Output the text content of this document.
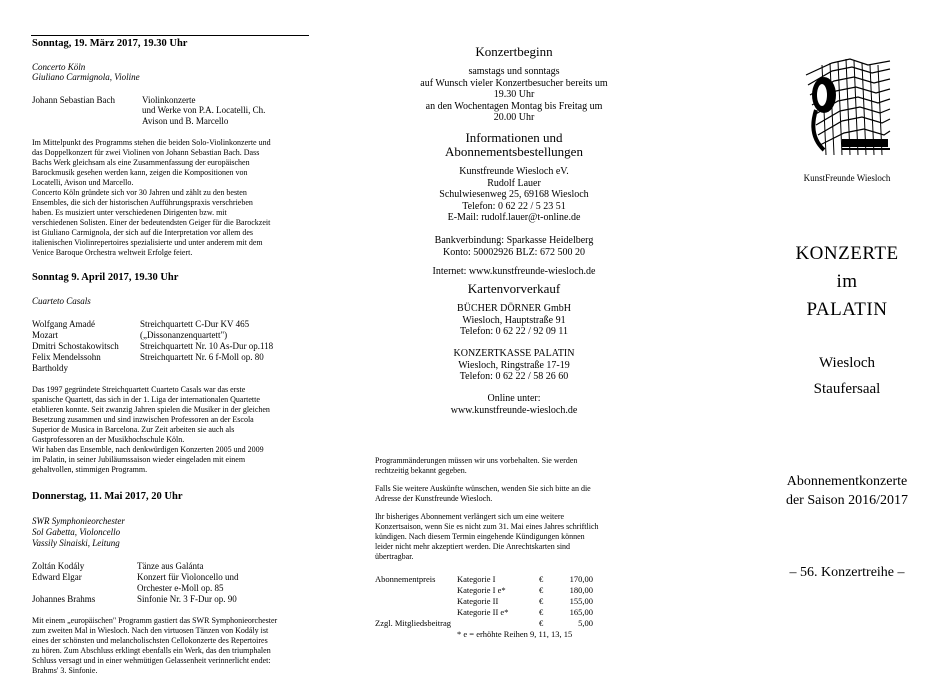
Sonntag, 19. März 2017, 19.30 Uhr
Concerto Köln
Giuliano Carmignola, Violine
Johann Sebastian Bach	Violinkonzerte
und Werke von P.A. Locatelli, Ch.
Avison und B. Marcello
Im Mittelpunkt des Programms stehen die beiden Solo-Violinkonzerte und
das Doppelkonzert für zwei Violinen von Johann Sebastian Bach. Dass
Bachs Werk gleichsam als eine Zusammenfassung der europäischen
Barockmusik gesehen werden kann, zeigen die Kompositionen von
Locatelli, Avison und Marcello.
Concerto Köln gründete sich vor 30 Jahren und zählt zu den besten
Ensembles, die sich der historischen Aufführungspraxis verschrieben
haben. Es musiziert unter verschiedenen Dirigenten bzw. mit
verschiedenen Solisten. Einer der bedeutendsten Geiger für die Barockzeit
ist Giuliano Carmignola, der sich auf die Interpretation vor allem des
italienischen Violinrepertoires spezialisierte und unter anderem mit dem
Venice Baroque Orchestra weltweit Erfolge feiert.
Sonntag 9. April 2017, 19.30 Uhr
Cuarteto Casals
Wolfgang Amadé	Streichquartett C-Dur KV 465
Mozart	(„Dissonanzenquartett")
Dmitri Schostakowitsch Streichquartett Nr. 10 As-Dur op.118
Felix Mendelssohn	Streichquartett Nr. 6 f-Moll op. 80
Bartholdy
Das 1997 gegründete Streichquartett Cuarteto Casals war das erste
spanische Quartett, das sich in der 1. Liga der internationalen Quartette
etablieren konnte. Seit zwanzig Jahren spielen die Musiker in der gleichen
Besetzung zusammen und sind inzwischen Professoren an der Escola
Superior de Musica in Barcelona. Zur Zeit arbeiten sie auch als
Gastprofessoren an der Musikhochschule Köln.
Wir haben das Ensemble, nach denkwürdigen Konzerten 2005 und 2009
im Palatin, in seiner Jubiläumssaison wieder eingeladen mit einem
gehaltvollen, stimmigen Programm.
Donnerstag, 11. Mai 2017, 20 Uhr
SWR Symphonieorchester
Sol Gabetta, Violoncello
Vassily Sinaiski, Leitung
Zoltán Kodály	Tänze aus Galánta
Edward Elgar	Konzert für Violoncello und
Orchester e-Moll op. 85
Johannes Brahms	Sinfonie Nr. 3 F-Dur op. 90
Mit einem „europäischen" Programm gastiert das SWR Symphonieorchester
zum zweiten Mal in Wiesloch. Nach den virtuosen Tänzen von Kodály ist
eines der schönsten und melancholischsten Cellokonzerte des Repertoires
zu hören. Zum Abschluss erklingt ebenfalls ein Werk, das den triumphalen
Schluss versagt und in einer wehmütigen Gelassenheit verinnerlicht endet:
Brahms' 3. Sinfonie.
Konzertbeginn
samstags und sonntags
auf Wunsch vieler Konzertbesucher bereits um
19.30 Uhr
an den Wochentagen Montag bis Freitag um
20.00 Uhr
Informationen und
Abonnementsbestellungen
Kunstfreunde Wiesloch eV.
Rudolf Lauer
Schulwiesenweg 25, 69168 Wiesloch
Telefon: 0 62 22 / 5 23 51
E-Mail: rudolf.lauer@t-online.de
Bankverbindung: Sparkasse Heidelberg
Konto: 50002926 BLZ: 672 500 20
Internet: www.kunstfreunde-wiesloch.de
Kartenvorverkauf
BÜCHER DÖRNER GmbH
Wiesloch, Hauptstraße 91
Telefon: 0 62 22 / 92 09 11
KONZERTKASSE PALATIN
Wiesloch, Ringstraße 17-19
Telefon: 0 62 22 / 58 26 60
Online unter:
www.kunstfreunde-wiesloch.de
Programmänderungen müssen wir uns vorbehalten. Sie werden
rechtzeitig bekannt gegeben.
Falls Sie weitere Auskünfte wünschen, wenden Sie sich bitte an die
Adresse der Kunstfreunde Wiesloch.
Ihr bisheriges Abonnement verlängert sich um eine weitere
Konzertsaison, wenn Sie es nicht zum 31. Mai eines Jahres schriftlich
kündigen. Nach diesem Termin eingehende Kündigungen können
leider nicht mehr akzeptiert werden. Die Anrechtskarten sind
übertragbar.
Abonnementpreis	Kategorie I	€	170,00
Kategorie I e*	€	180,00
Kategorie II	€	155,00
Kategorie II e*	€	165,00
Zzgl. Mitgliedsbeitrag	€	5,00
* e = erhöhte Reihen 9, 11, 13, 15
KunstFreunde Wiesloch
KONZERTE
im
PALATIN
Wiesloch
Staufersaal
Abonnementkonzerte
der Saison 2016/2017
– 56. Konzertreihe –
